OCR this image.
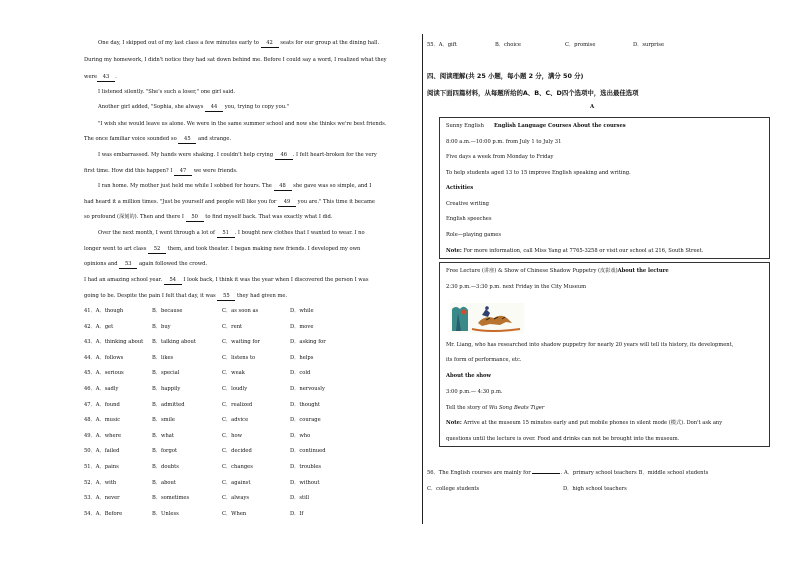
One day, I skipped out of my last class a few minutes early to 42 seats for our group at the dining hall.
During my homework, I didn't notice they had sat down behind me. Before I could say a word, I realized what they
were 43 .
I listened silently. "She's such a loser," one girl said.
Another girl added, "Sophia, she always 44 you, trying to copy you."
"I wish she would leave us alone. We were in the same summer school and now she thinks we're best friends.
The once familiar voice sounded so 45 and strange.
I was embarrassed. My hands were shaking. I couldn't help crying 46 . I felt heart-broken for the very
first time. How did this happen? I 47 we were friends.
I ran home. My mother just held me while I sobbed for hours. The 48 she gave was so simple, and I
had heard it a million times. "Just be yourself and people will like you for 49 you are." This time it became
so profound (深刻的). Then and there I 50 to find myself back. That was exactly what I did.
Over the next month, I went through a lot of 51 . I bought new clothes that I wanted to wear. I no
longer went to art class 52 them, and took theater. I began making new friends. I developed my own
opinions and 53 again followed the crowd.
I had an amazing school year. 54 I look back, I think it was the year when I discovered the person I was
going to be. Despite the pain I felt that day, it was 55 they had given me.
41．A．though	B．because	C．as soon as	D．while
42．A．get	B．buy	C．rent	D．move
43．A．thinking about B．talking about	C．waiting for	D．asking for
44．A．follows	B．likes	C．listens to	D．helps
45．A．serious	B．special	C．weak	D．cold
46．A．sadly	B．happily	C．loudly	D．nervously
47．A．found	B．admitted	C．realized	D．thought
48．A．music	B．smile	C．advice	D．courage
49．A．where	B．what	C．how	D．who
50．A．failed	B．forgot	C．decided	D．continued
51．A．pains	B．doubts	C．changes	D．troubles
52．A．with	B．about	C．against	D．without
53．A．never	B．sometimes	C．always	D．still
54．A．Before	B．Unless	C．When	D．If
55．A．gift	B．choice	C．promise	D．surprise
四、阅读理解(共 25 小题，每小题 2 分，满分 50 分)
阅读下面四篇材料，从每题所给的A、B、C、D四个选项中，选出最佳选项
A
Sunny English English Language Courses About the courses
8:00 a.m.—10:00 p.m. from July 1 to July 31
Five days a week from Monday to Friday
To help students aged 13 to 15 improve English speaking and writing.
Activities
Creative writing
English speeches
Role—playing games
Note: For more information, call Miss Yang at 7765-3258 or visit our school at 216, South Street.
Free Lecture (讲座) & Show of Chinese Shadow Puppetry (皮影戏)About the lecture
2:30 p.m.—3:30 p.m. next Friday in the City Museum
Mr. Liang, who has researched into shadow puppetry for nearly 20 years will tell its history, its development,
its form of performance, etc.
About the show
3:00 p.m.— 4:30 p.m.
Tell the story of Wu Song Beats Tiger
Note: Arrive at the museum 15 minutes early and put mobile phones in silent mode (模式). Don't ask any
questions until the lecture is over. Food and drinks can not be brought into the museum.
56．The English courses are mainly for	. A．primary school teachers B．middle school students
C．college students	D．high school teachers
